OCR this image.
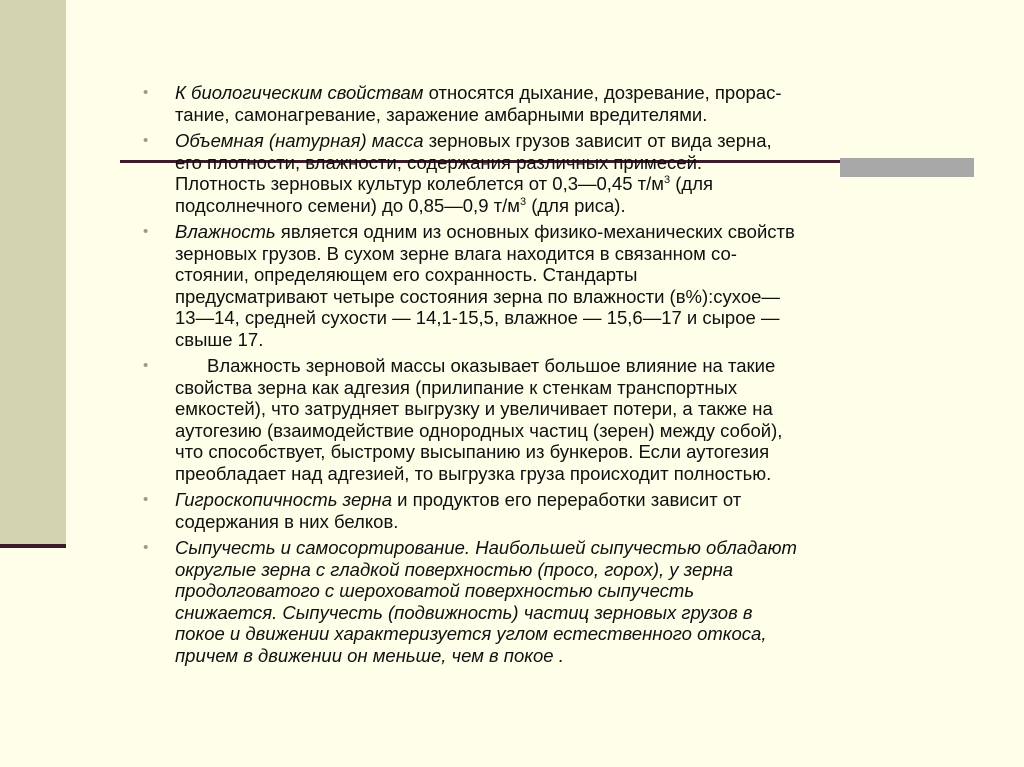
• К биологическим свойствам относятся дыхание, дозревание, прорас-
тание, самонагревание, заражение амбарными вредителями.
• Объемная (натурная) масса зерновых грузов зависит от вида зерна,
его плотности, влажности, содержания различных примесей.
Плотность зерновых культур колеблется от 0,3—0,45 $т/м^3$ (для
подсолнечного семени) до 0,85—0,9 $т/м^3$ (для риса).
• Влажность является одним из основных физико-механических свойств
зерновых грузов. В сухом зерне влага находится в связанном со-
стоянии, определяющем его сохранность. Стандарты
предусматривают четыре состояния зерна по влажности (в%):сухое—
13—14, средней сухости — 14,1-15,5, влажное — 15,6—17 и сырое —
свыше 17.
•	Влажность зерновой массы оказывает большое влияние на такие
свойства зерна как адгезия (прилипание к стенкам транспортных
емкостей), что затрудняет выгрузку и увеличивает потери, а также на
аутогезию (взаимодействие однородных частиц (зерен) между собой),
что способствует, быстрому высыпанию из бункеров. Если аутогезия
преобладает над адгезией, то выгрузка груза происходит полностью.
• Гигроскопичность зерна и продуктов его переработки зависит от
содержания в них белков.
• Сыпучесть и самосортирование. Наибольшей сыпучестью обладают
округлые зерна с гладкой поверхностью (просо, горох), у зерна
продолговатого с шероховатой поверхностью сыпучесть
снижается. Сыпучесть (подвижность) частиц зерновых грузов в
покое и движении характеризуется углом естественного откоса,
причем в движении он меньше, чем в покое .
